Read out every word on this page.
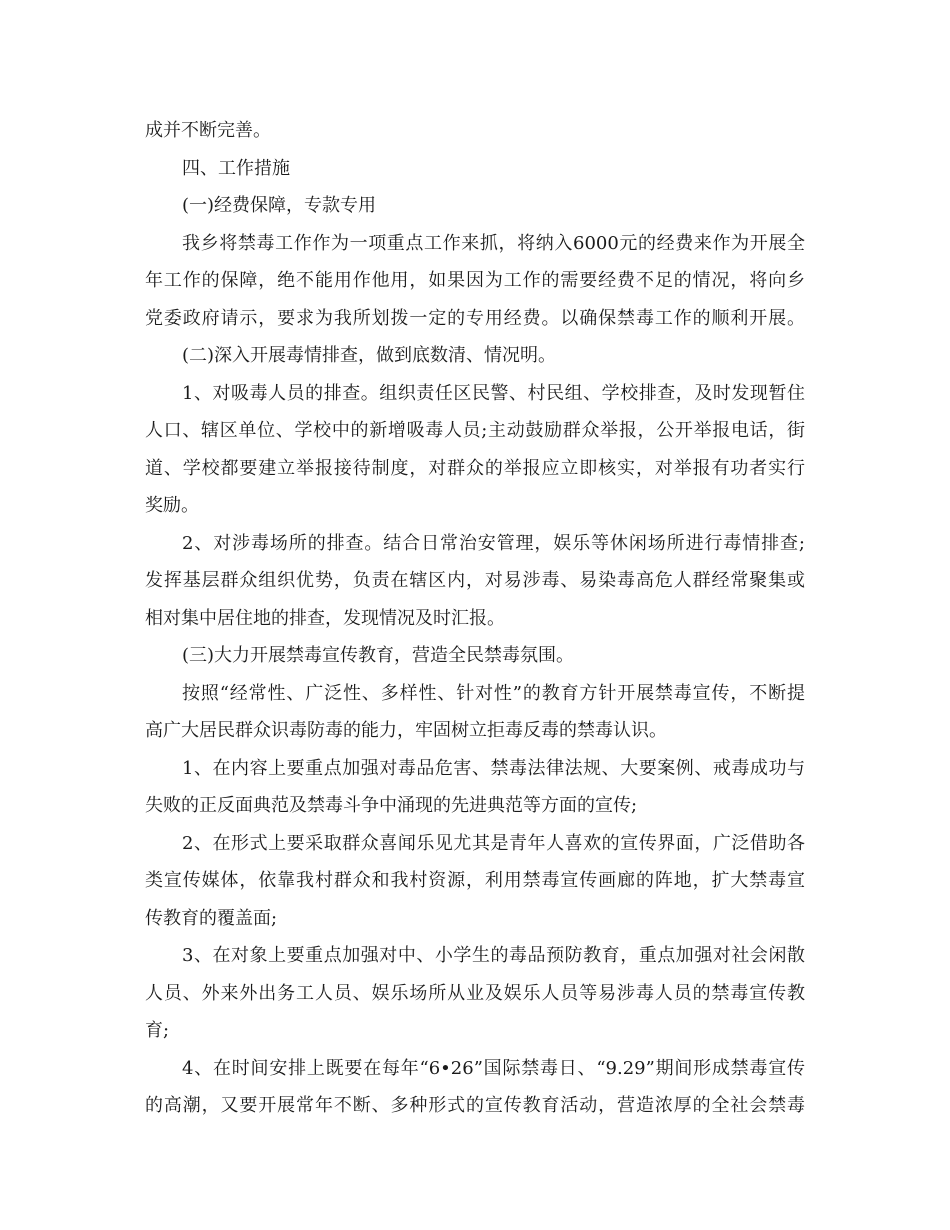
成并不断完善。
四、工作措施
(一)经费保障，专款专用
我乡将禁毒工作作为一项重点工作来抓，将纳入6000元的经费来作为开展全
年工作的保障，绝不能用作他用，如果因为工作的需要经费不足的情况，将向乡
党委政府请示，要求为我所划拨一定的专用经费。以确保禁毒工作的顺利开展。
(二)深入开展毒情排查，做到底数清、情况明。
1、对吸毒人员的排查。组织责任区民警、村民组、学校排查，及时发现暂住
人口、辖区单位、学校中的新增吸毒人员;主动鼓励群众举报，公开举报电话，街
道、学校都要建立举报接待制度，对群众的举报应立即核实，对举报有功者实行
奖励。
2、对涉毒场所的排查。结合日常治安管理，娱乐等休闲场所进行毒情排查;
发挥基层群众组织优势，负责在辖区内，对易涉毒、易染毒高危人群经常聚集或
相对集中居住地的排查，发现情况及时汇报。
(三)大力开展禁毒宣传教育，营造全民禁毒氛围。
按照“经常性、广泛性、多样性、针对性”的教育方针开展禁毒宣传，不断提
高广大居民群众识毒防毒的能力，牢固树立拒毒反毒的禁毒认识。
1、在内容上要重点加强对毒品危害、禁毒法律法规、大要案例、戒毒成功与
失败的正反面典范及禁毒斗争中涌现的先进典范等方面的宣传;
2、在形式上要采取群众喜闻乐见尤其是青年人喜欢的宣传界面，广泛借助各
类宣传媒体，依靠我村群众和我村资源，利用禁毒宣传画廊的阵地，扩大禁毒宣
传教育的覆盖面;
3、在对象上要重点加强对中、小学生的毒品预防教育，重点加强对社会闲散
人员、外来外出务工人员、娱乐场所从业及娱乐人员等易涉毒人员的禁毒宣传教
育;
4、在时间安排上既要在每年“6•26”国际禁毒日、“9.29”期间形成禁毒宣传
的高潮，又要开展常年不断、多种形式的宣传教育活动，营造浓厚的全社会禁毒
